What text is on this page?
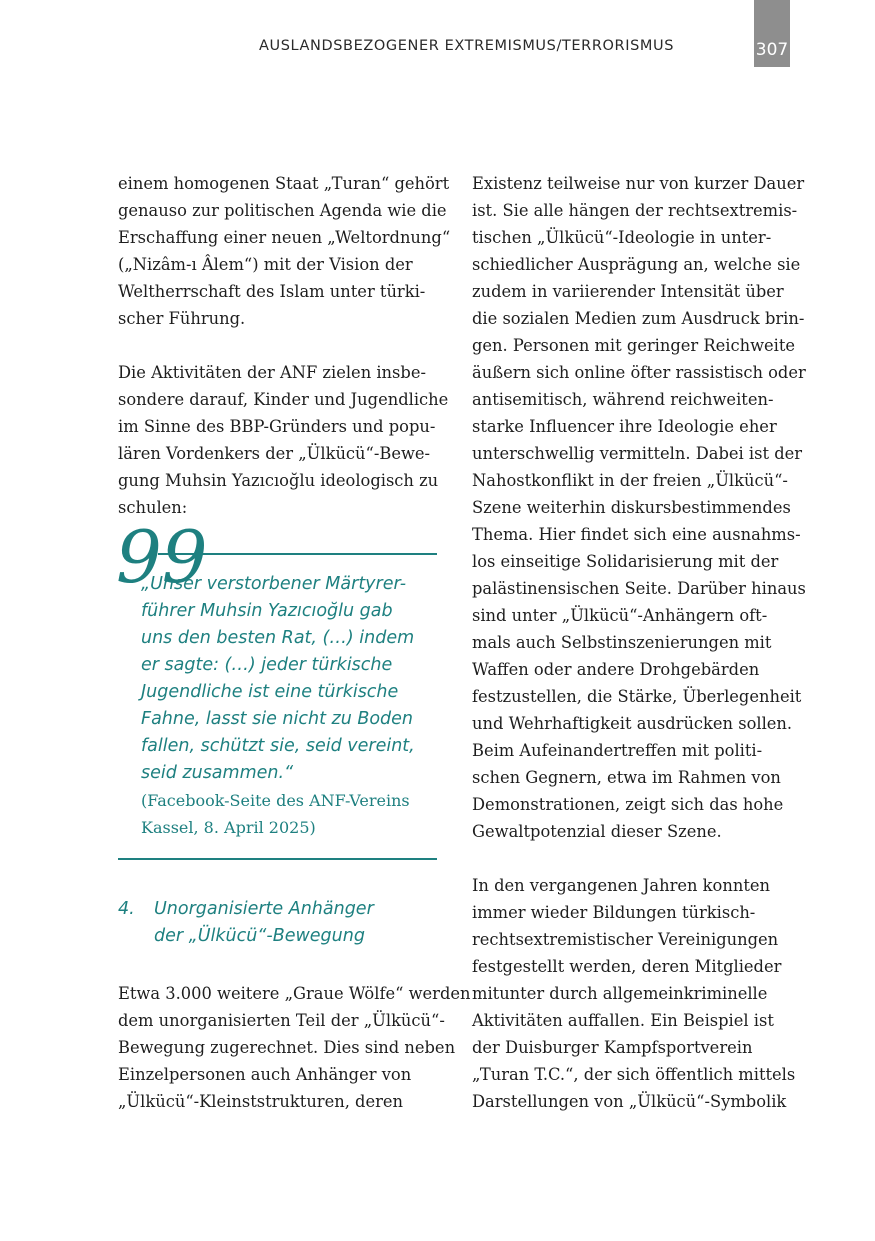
AUSLANDSBEZOGENER EXTREMISMUS/TERRORISMUS	307
einem homogenen Staat „Turan“ gehört
genauso zur politischen Agenda wie die
Erschaffung einer neuen „Weltordnung“
(„Nizâm-ı Âlem“) mit der Vision der
Weltherrschaft des Islam unter türki-
scher Führung.
Die Aktivitäten der ANF zielen insbe-
sondere darauf, Kinder und Jugendliche
im Sinne des BBP-Gründers und popu-
lären Vordenkers der „Ülkücü“-Bewe-
gung Muhsin Yazıcıoğlu ideologisch zu
schulen:
99
„Unser verstorbener Märtyrer-
führer Muhsin Yazıcıoğlu gab
uns den besten Rat, (…) indem
er sagte: (…) jeder türkische
Jugendliche ist eine türkische
Fahne, lasst sie nicht zu Boden
fallen, schützt sie, seid vereint,
seid zusammen.“
(Facebook-Seite des ANF-Vereins
Kassel, 8. April 2025)
4. Unorganisierte Anhänger
der „Ülkücü“-Bewegung
Etwa 3.000 weitere „Graue Wölfe“ werden
dem unorganisierten Teil der „Ülkücü“-
Bewegung zugerechnet. Dies sind neben
Einzelpersonen auch Anhänger von
„Ülkücü“-Kleinststrukturen, deren
Existenz teilweise nur von kurzer Dauer
ist. Sie alle hängen der rechtsextremis-
tischen „Ülkücü“-Ideologie in unter-
schiedlicher Ausprägung an, welche sie
zudem in variierender Intensität über
die sozialen Medien zum Ausdruck brin-
gen. Personen mit geringer Reichweite
äußern sich online öfter rassistisch oder
antisemitisch, während reichweiten-
starke Influencer ihre Ideologie eher
unterschwellig vermitteln. Dabei ist der
Nahostkonflikt in der freien „Ülkücü“-
Szene weiterhin diskursbestimmendes
Thema. Hier findet sich eine ausnahms-
los einseitige Solidarisierung mit der
palästinensischen Seite. Darüber hinaus
sind unter „Ülkücü“-Anhängern oft-
mals auch Selbstinszenierungen mit
Waffen oder andere Drohgebärden
festzustellen, die Stärke, Überlegenheit
und Wehrhaftigkeit ausdrücken sollen.
Beim Aufeinandertreffen mit politi-
schen Gegnern, etwa im Rahmen von
Demonstrationen, zeigt sich das hohe
Gewaltpotenzial dieser Szene.
In den vergangenen Jahren konnten
immer wieder Bildungen türkisch-
rechtsextremistischer Vereinigungen
festgestellt werden, deren Mitglieder
mitunter durch allgemeinkriminelle
Aktivitäten auffallen. Ein Beispiel ist
der Duisburger Kampfsportverein
„Turan T.C.“, der sich öffentlich mittels
Darstellungen von „Ülkücü“-Symbolik
